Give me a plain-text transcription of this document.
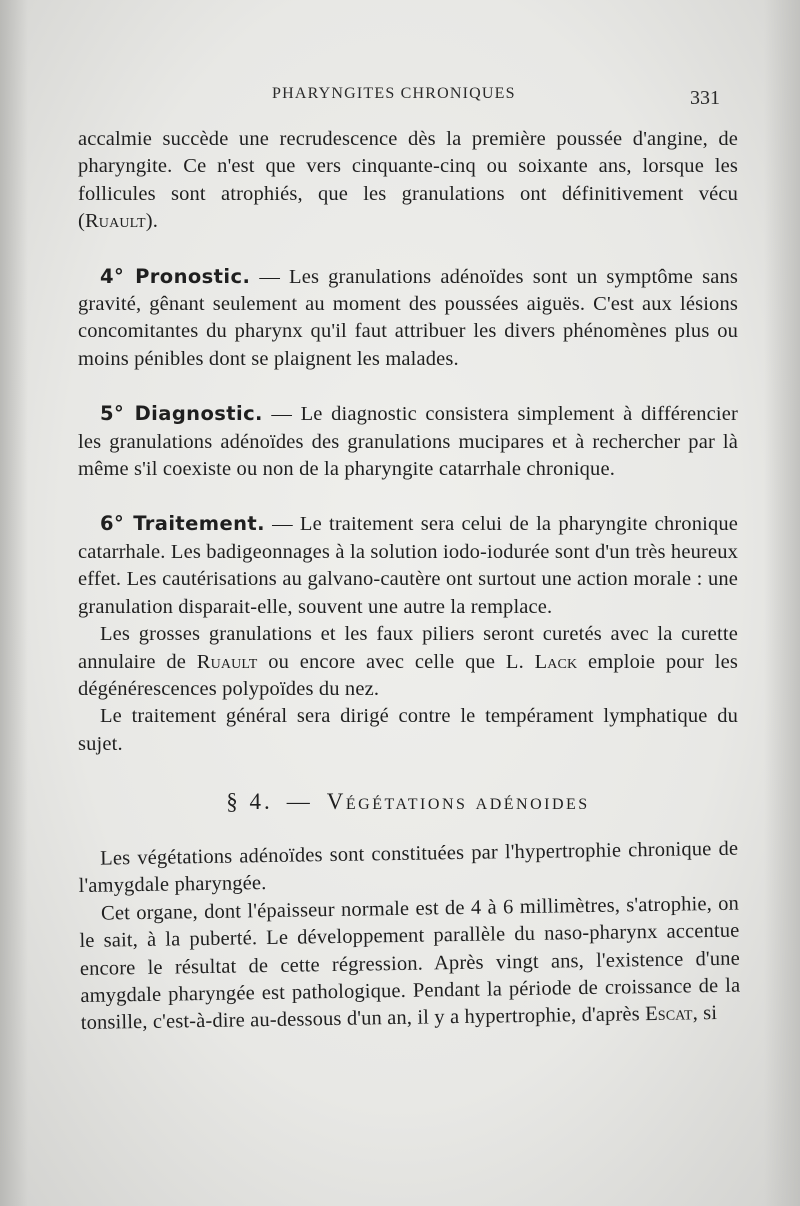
PHARYNGITES CHRONIQUES	331

accalmie succède une recrudescence dès la première poussée d'angine, de pharyngite. Ce n'est que vers cinquante-cinq ou soixante ans, lorsque les follicules sont atrophiés, que les granulations ont définitivement vécu (Ruault).

4° Pronostic. — Les granulations adénoïdes sont un symptôme sans gravité, gênant seulement au moment des poussées aiguës. C'est aux lésions concomitantes du pharynx qu'il faut attribuer les divers phénomènes plus ou moins pénibles dont se plaignent les malades.

5° Diagnostic. — Le diagnostic consistera simplement à différencier les granulations adénoïdes des granulations mucipares et à rechercher par là même s'il coexiste ou non de la pharyngite catarrhale chronique.

6° Traitement. — Le traitement sera celui de la pharyngite chronique catarrhale. Les badigeonnages à la solution iodo-iodurée sont d'un très heureux effet. Les cautérisations au galvano-cautère ont surtout une action morale : une granulation disparait-elle, souvent une autre la remplace.

Les grosses granulations et les faux piliers seront curetés avec la curette annulaire de Ruault ou encore avec celle que L. Lack emploie pour les dégénérescences polypoïdes du nez.

Le traitement général sera dirigé contre le tempérament lymphatique du sujet.

§ 4. — Végétations adénoides

Les végétations adénoïdes sont constituées par l'hypertrophie chronique de l'amygdale pharyngée.

Cet organe, dont l'épaisseur normale est de 4 à 6 millimètres, s'atrophie, on le sait, à la puberté. Le développement parallèle du naso-pharynx accentue encore le résultat de cette régression. Après vingt ans, l'existence d'une amygdale pharyngée est pathologique. Pendant la période de croissance de la tonsille, c'est-à-dire au-dessous d'un an, il y a hypertrophie, d'après Escat, si
